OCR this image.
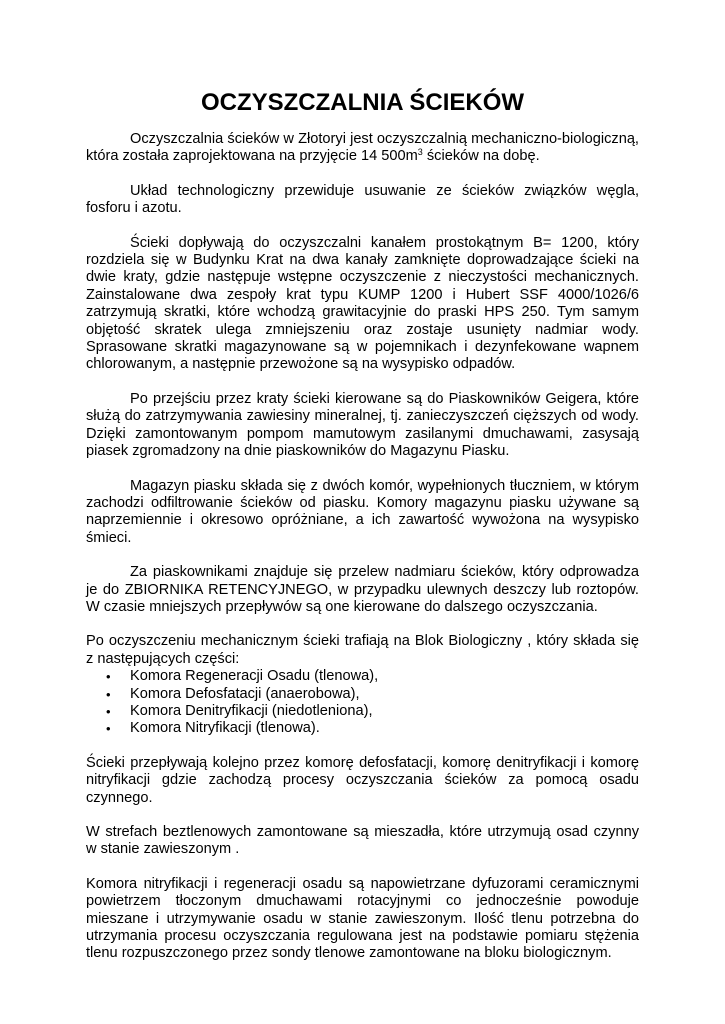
OCZYSZCZALNIA ŚCIEKÓW

Oczyszczalnia ścieków w Złotoryi jest oczyszczalnią mechaniczno-biologiczną, która została zaprojektowana na przyjęcie 14 $500m^3$ ścieków na dobę.

Układ technologiczny przewiduje usuwanie ze ścieków związków węgla, fosforu i azotu.

Ścieki dopływają do oczyszczalni kanałem prostokątnym B= 1200, który rozdziela się w Budynku Krat na dwa kanały zamknięte doprowadzające ścieki na dwie kraty, gdzie następuje wstępne oczyszczenie z nieczystości mechanicznych. Zainstalowane dwa zespoły krat typu KUMP 1200 i Hubert SSF 4000/1026/6 zatrzymują skratki, które wchodzą grawitacyjnie do praski HPS 250. Tym samym objętość skratek ulega zmniejszeniu oraz zostaje usunięty nadmiar wody. Sprasowane skratki magazynowane są w pojemnikach i dezynfekowane wapnem chlorowanym, a następnie przewożone są na wysypisko odpadów.

Po przejściu przez kraty ścieki kierowane są do Piaskowników Geigera, które służą do zatrzymywania zawiesiny mineralnej, tj. zanieczyszczeń cięższych od wody. Dzięki zamontowanym pompom mamutowym zasilanymi dmuchawami, zasysają piasek zgromadzony na dnie piaskowników do Magazynu Piasku.

Magazyn piasku składa się z dwóch komór, wypełnionych tłuczniem, w którym zachodzi odfiltrowanie ścieków od piasku. Komory magazynu piasku używane są naprzemiennie i okresowo opróżniane, a ich zawartość wywożona na wysypisko śmieci.

Za piaskownikami znajduje się przelew nadmiaru ścieków, który odprowadza je do ZBIORNIKA RETENCYJNEGO, w przypadku ulewnych deszczy lub roztopów. W czasie mniejszych przepływów są one kierowane do dalszego oczyszczania.

Po oczyszczeniu mechanicznym ścieki trafiają na Blok Biologiczny , który składa się z następujących części:

• Komora Regeneracji Osadu (tlenowa),
• Komora Defosfatacji (anaerobowa),
• Komora Denitryfikacji (niedotleniona),
• Komora Nitryfikacji (tlenowa).

Ścieki przepływają kolejno przez komorę defosfatacji, komorę denitryfikacji i komorę nitryfikacji gdzie zachodzą procesy oczyszczania ścieków za pomocą osadu czynnego.

W strefach beztlenowych zamontowane są mieszadła, które utrzymują osad czynny w stanie zawieszonym .

Komora nitryfikacji i regeneracji osadu są napowietrzane dyfuzorami ceramicznymi powietrzem tłoczonym dmuchawami rotacyjnymi co jednocześnie powoduje mieszane i utrzymywanie osadu w stanie zawieszonym. Ilość tlenu potrzebna do utrzymania procesu oczyszczania regulowana jest na podstawie pomiaru stężenia tlenu rozpuszczonego przez sondy tlenowe zamontowane na bloku biologicznym.
